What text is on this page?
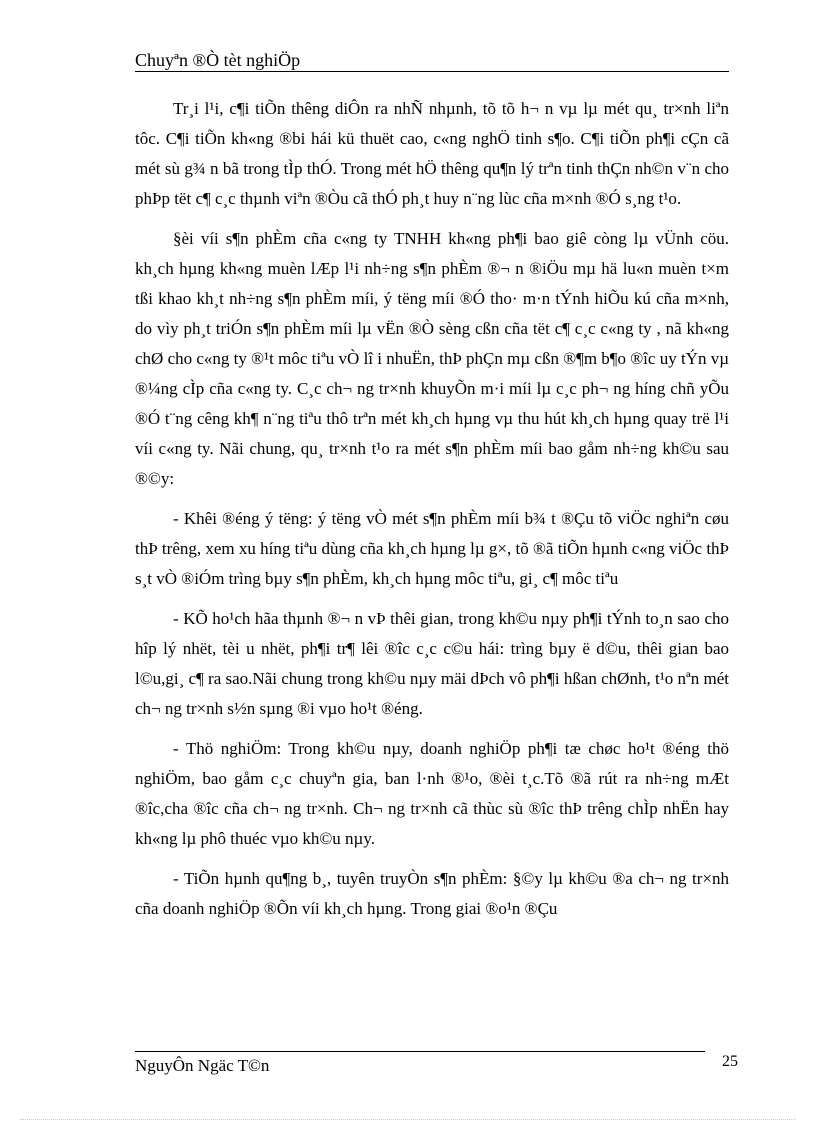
Chuyªn ®Ò tèt nghiÖp

Tr¸i l¹i, c¶i tiÕn thêng diÔn ra nhÑ nhµnh, tõ tõ h¬ n vµ lµ mét qu¸ tr×nh liªn tôc. C¶i tiÕn kh«ng ®bi hái kü thuët cao, c«ng nghÖ tinh s¶o. C¶i tiÕn ph¶i cÇn cã mét sù g¾ n bã trong tÌp thÓ. Trong mét hÖ thêng qu¶n lý trªn tinh thÇn nh©n v¨n cho phÞp tët c¶ c¸c thµnh viªn ®Òu cã thÓ ph¸t huy n¨ng lùc cña m×nh ®Ó s¸ng t¹o.

§èi víi s¶n phÈm cña c«ng ty TNHH kh«ng ph¶i bao giê còng lµ vÜnh cöu. kh¸ch hµng kh«ng muèn lÆp l¹i nh÷ng s¶n phÈm ®¬ n ®iÖu mµ hä lu«n muèn t×m tßi khao kh¸t nh÷ng s¶n phÈm míi, ý tëng míi ®Ó tho· m·n tÝnh hiÕu kú cña m×nh, do vìy ph¸t triÓn s¶n phÈm míi lµ vËn ®Ò sèng cßn cña tët c¶ c¸c c«ng ty , nã kh«ng chØ cho c«ng ty ®¹t môc tiªu vÒ lî i nhuËn, thÞ phÇn mµ cßn ®¶m b¶o ®îc uy tÝn vµ ®¼ng cÌp cña c«ng ty. C¸c ch¬ ng tr×nh khuyÕn m·i míi lµ c¸c ph¬ ng híng chñ yÕu ®Ó t¨ng cêng kh¶ n¨ng tiªu thô trªn mét kh¸ch hµng vµ thu hút kh¸ch hµng quay trë l¹i víi c«ng ty. Nãi chung, qu¸ tr×nh t¹o ra mét s¶n phÈm míi bao gåm nh÷ng kh©u sau ®©y:

- Khêi ®éng ý tëng: ý tëng vÒ mét s¶n phÈm míi b¾ t ®Çu tõ viÖc nghiªn cøu thÞ trêng, xem xu híng tiªu dùng cña kh¸ch hµng lµ g×, tõ ®ã tiÕn hµnh c«ng viÖc thÞ s¸t vÒ ®iÓm trìng bµy s¶n phÈm, kh¸ch hµng môc tiªu, gi¸ c¶ môc tiªu

- KÕ ho¹ch hãa thµnh ®¬ n vÞ thêi gian, trong kh©u nµy ph¶i tÝnh to¸n sao cho hîp lý nhët, tèi u nhët, ph¶i tr¶ lêi ®îc c¸c c©u hái: trìng bµy ë d©u, thêi gian bao l©u,gi¸ c¶ ra sao.Nãi chung trong kh©u nµy mäi dÞch vô ph¶i hßan chØnh, t¹o nªn mét ch¬ ng tr×nh s½n sµng ®i vµo ho¹t ®éng.

- Thö nghiÖm: Trong kh©u nµy, doanh nghiÖp ph¶i tæ chøc ho¹t ®éng thö nghiÖm, bao gåm c¸c chuyªn gia, ban l·nh ®¹o, ®èi t¸c.Tõ ®ã rút ra nh÷ng mÆt ®îc,cha ®îc cña ch¬ ng tr×nh. Ch¬ ng tr×nh cã thùc sù ®îc thÞ trêng chÌp nhËn hay kh«ng lµ phô thuéc vµo kh©u nµy.

- TiÕn hµnh qu¶ng b¸, tuyên truyÒn s¶n phÈm: §©y lµ kh©u ®a ch¬ ng tr×nh cña doanh nghiÖp ®Õn víi kh¸ch hµng. Trong giai ®o¹n ®Çu

NguyÔn Ngäc T©n	25
